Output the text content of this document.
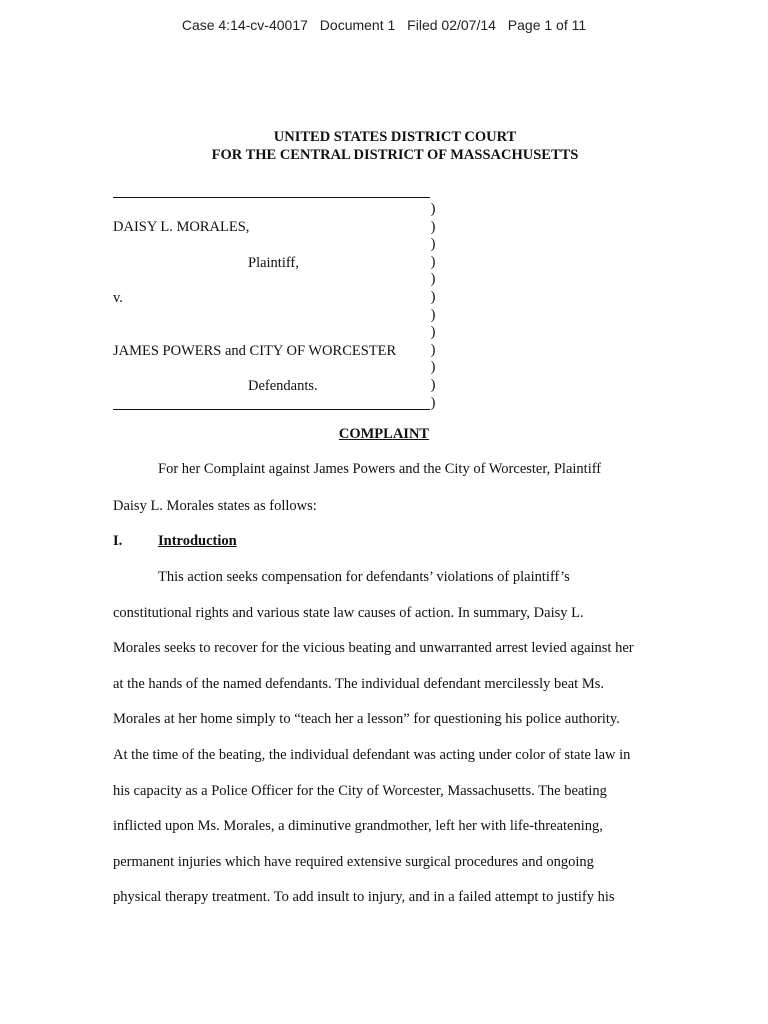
Case 4:14-cv-40017 Document 1 Filed 02/07/14 Page 1 of 11
UNITED STATES DISTRICT COURT
FOR THE CENTRAL DISTRICT OF MASSACHUSETTS
)
)
)
)
)
)
)
)
)
)
)
)
DAISY L. MORALES,
Plaintiff,
v.
JAMES POWERS and CITY OF WORCESTER
Defendants.
COMPLAINT
For her Complaint against James Powers and the City of Worcester, Plaintiff
Daisy L. Morales states as follows:
I. Introduction
This action seeks compensation for defendants’ violations of plaintiff’s
constitutional rights and various state law causes of action. In summary, Daisy L.
Morales seeks to recover for the vicious beating and unwarranted arrest levied against her
at the hands of the named defendants. The individual defendant mercilessly beat Ms.
Morales at her home simply to “teach her a lesson” for questioning his police authority.
At the time of the beating, the individual defendant was acting under color of state law in
his capacity as a Police Officer for the City of Worcester, Massachusetts. The beating
inflicted upon Ms. Morales, a diminutive grandmother, left her with life-threatening,
permanent injuries which have required extensive surgical procedures and ongoing
physical therapy treatment. To add insult to injury, and in a failed attempt to justify his
